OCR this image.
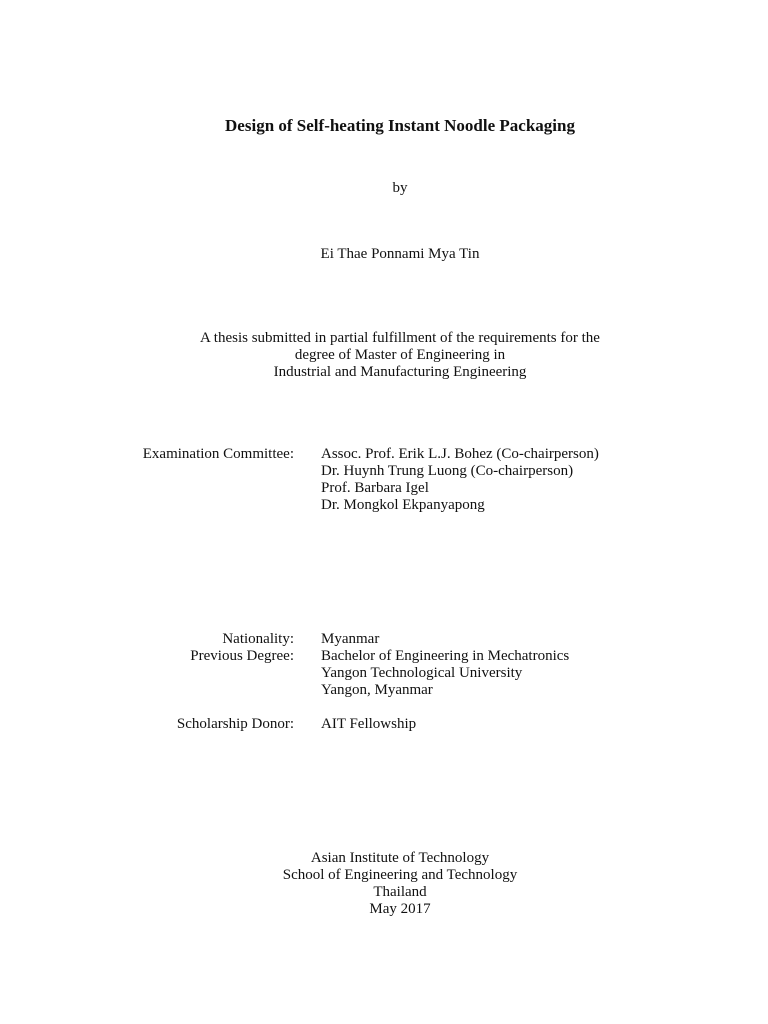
Design of Self-heating Instant Noodle Packaging
by
Ei Thae Ponnami Mya Tin
A thesis submitted in partial fulfillment of the requirements for the
degree of Master of Engineering in
Industrial and Manufacturing Engineering
Examination Committee: Assoc. Prof. Erik L.J. Bohez (Co-chairperson)
Dr. Huynh Trung Luong (Co-chairperson)
Prof. Barbara Igel
Dr. Mongkol Ekpanyapong
Nationality: Myanmar
Previous Degree: Bachelor of Engineering in Mechatronics
Yangon Technological University
Yangon, Myanmar
Scholarship Donor: AIT Fellowship
Asian Institute of Technology
School of Engineering and Technology
Thailand
May 2017
